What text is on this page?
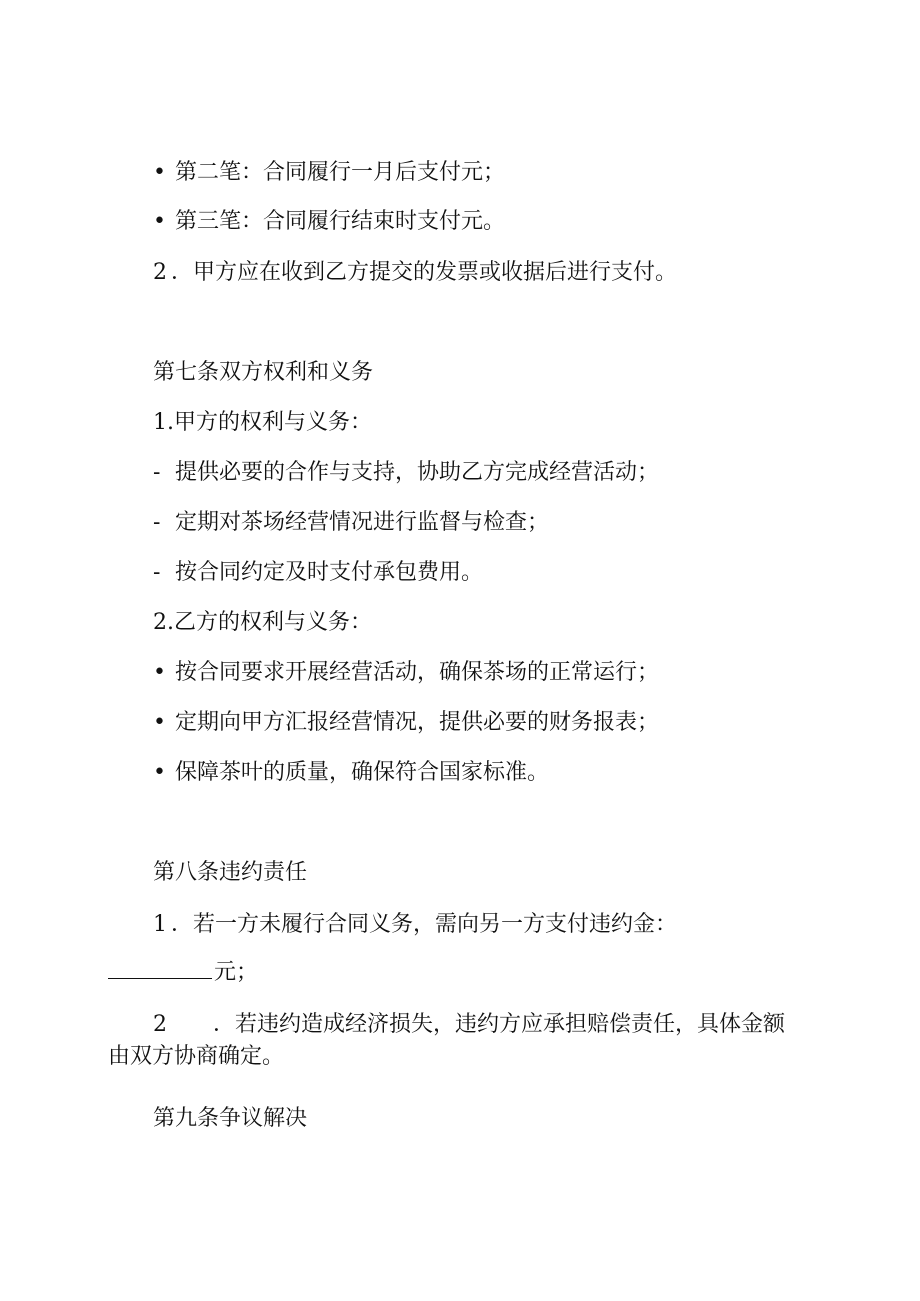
• 第二笔：合同履行一月后支付元；
• 第三笔：合同履行结束时支付元。
2 ．甲方应在收到乙方提交的发票或收据后进行支付。
第七条双方权利和义务
1.甲方的权利与义务：
- 提供必要的合作与支持，协助乙方完成经营活动；
- 定期对茶场经营情况进行监督与检查；
- 按合同约定及时支付承包费用。
2.乙方的权利与义务：
• 按合同要求开展经营活动，确保茶场的正常运行；
• 定期向甲方汇报经营情况，提供必要的财务报表；
• 保障茶叶的质量，确保符合国家标准。
第八条违约责任
1 ．若一方未履行合同义务，需向另一方支付违约金：
元；
2 ．若违约造成经济损失，违约方应承担赔偿责任，具体金额
由双方协商确定。
第九条争议解决
